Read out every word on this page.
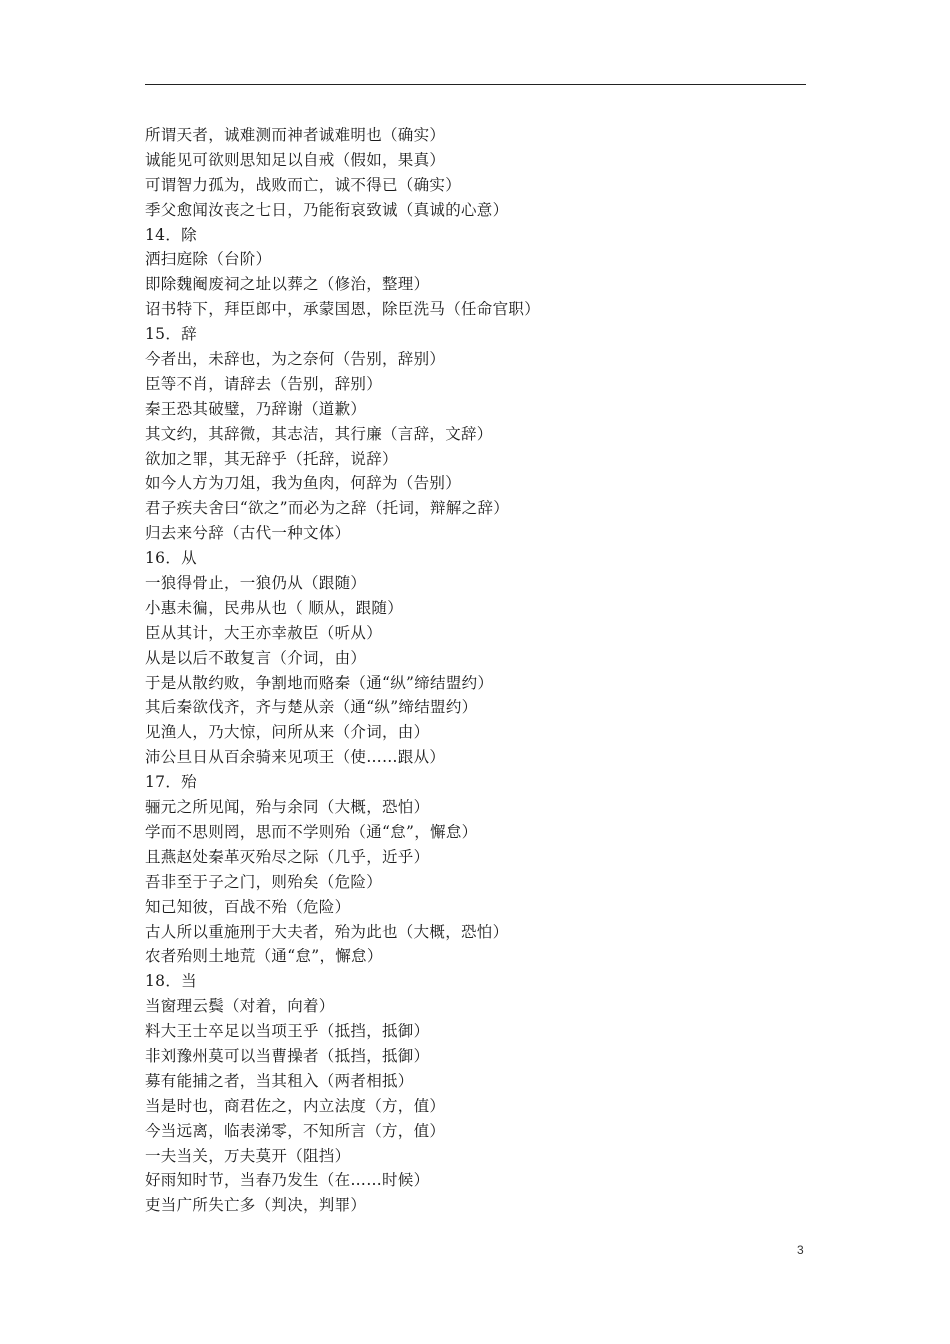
所谓天者，诚难测而神者诚难明也（确实）
诚能见可欲则思知足以自戒（假如，果真）
可谓智力孤为，战败而亡，诚不得已（确实）
季父愈闻汝丧之七日，乃能衔哀致诚（真诚的心意）
14．除
洒扫庭除（台阶）
即除魏阉废祠之址以葬之（修治，整理）
诏书特下，拜臣郎中，承蒙国恩，除臣洗马（任命官职）
15．辞
今者出，未辞也，为之奈何（告别，辞别）
臣等不肖，请辞去（告别，辞别）
秦王恐其破璧，乃辞谢（道歉）
其文约，其辞微，其志洁，其行廉（言辞，文辞）
欲加之罪，其无辞乎（托辞，说辞）
如今人方为刀俎，我为鱼肉，何辞为（告别）
君子疾夫舍曰“欲之”而必为之辞（托词，辩解之辞）
归去来兮辞（古代一种文体）
16．从
一狼得骨止，一狼仍从（跟随）
小惠未徧，民弗从也（ 顺从，跟随）
臣从其计，大王亦幸赦臣（听从）
从是以后不敢复言（介词，由）
于是从散约败，争割地而赂秦（通“纵”缔结盟约）
其后秦欲伐齐，齐与楚从亲（通“纵”缔结盟约）
见渔人，乃大惊，问所从来（介词，由）
沛公旦日从百余骑来见项王（使……跟从）
17．殆
骊元之所见闻，殆与余同（大概，恐怕）
学而不思则罔，思而不学则殆（通“怠”，懈怠）
且燕赵处秦革灭殆尽之际（几乎，近乎）
吾非至于子之门，则殆矣（危险）
知己知彼，百战不殆（危险）
古人所以重施刑于大夫者，殆为此也（大概，恐怕）
农者殆则土地荒（通“怠”，懈怠）
18．当
当窗理云鬓（对着，向着）
料大王士卒足以当项王乎（抵挡，抵御）
非刘豫州莫可以当曹操者（抵挡，抵御）
募有能捕之者，当其租入（两者相抵）
当是时也，商君佐之，内立法度（方，值）
今当远离，临表涕零，不知所言（方，值）
一夫当关，万夫莫开（阻挡）
好雨知时节，当春乃发生（在……时候）
吏当广所失亡多（判决，判罪）
3
